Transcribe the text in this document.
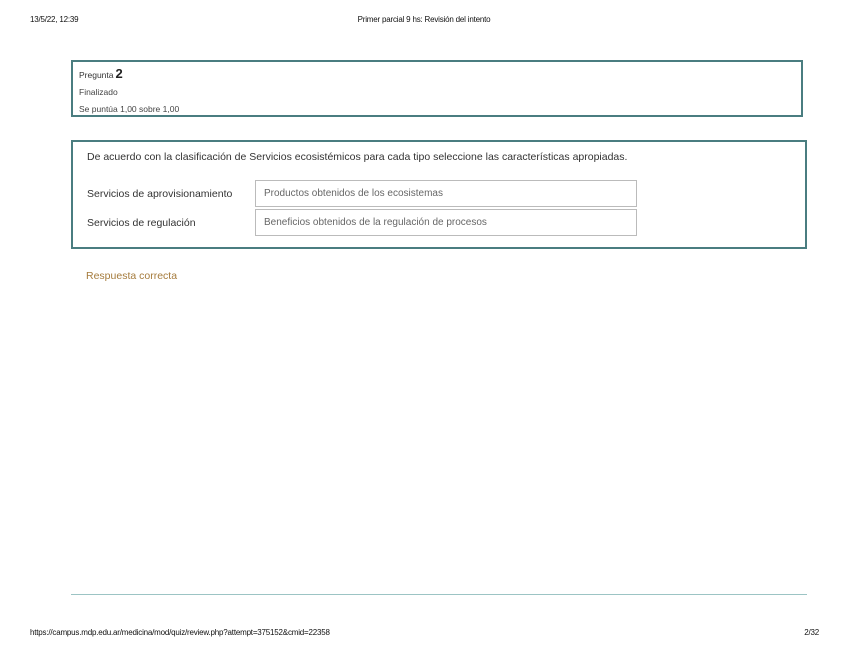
13/5/22, 12:39	Primer parcial 9 hs: Revisión del intento
Pregunta 2
Finalizado
Se puntúa 1,00 sobre 1,00
De acuerdo con la clasificación de Servicios ecosistémicos para cada tipo seleccione las características apropiadas.
Servicios de aprovisionamiento	Productos obtenidos de los ecosistemas
Servicios de regulación	Beneficios obtenidos de la regulación de procesos
Respuesta correcta
https://campus.mdp.edu.ar/medicina/mod/quiz/review.php?attempt=375152&cmid=22358	2/32
